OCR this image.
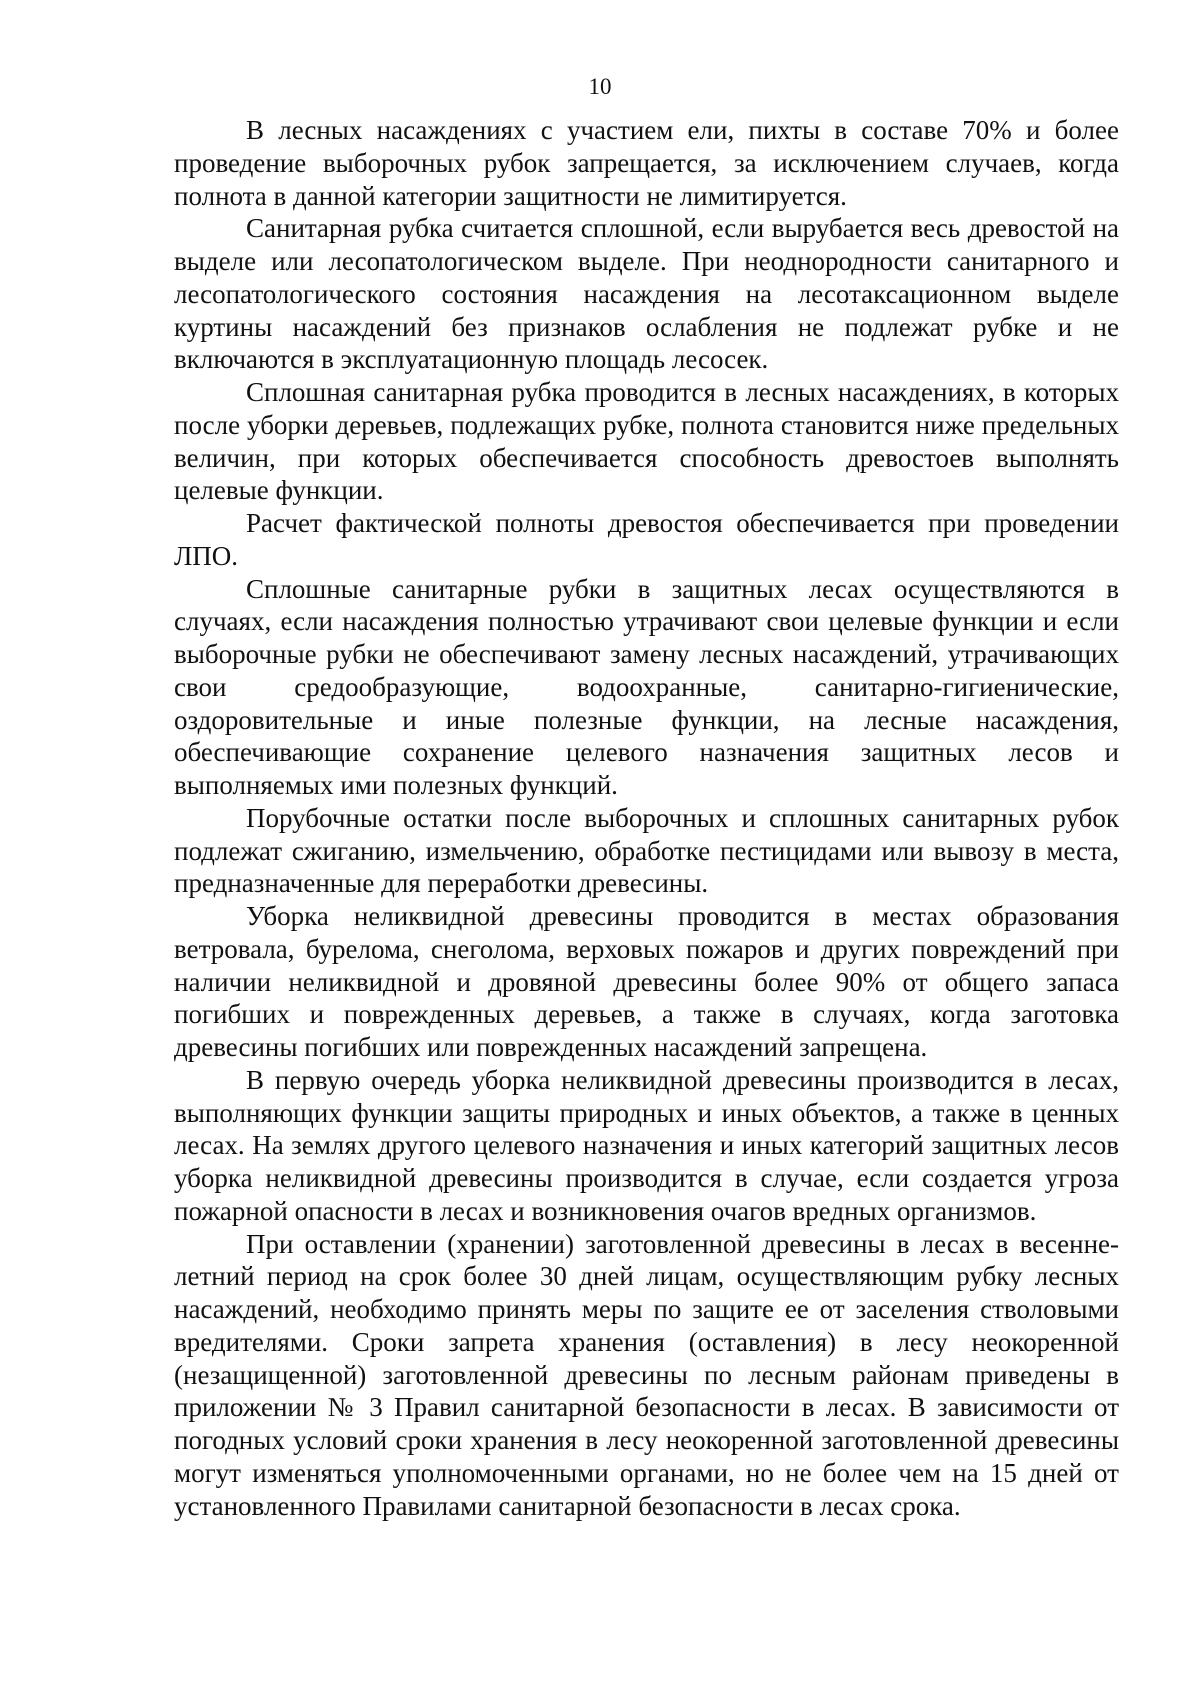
10

В лесных насаждениях с участием ели, пихты в составе 70% и более проведение выборочных рубок запрещается, за исключением случаев, когда полнота в данной категории защитности не лимитируется.

Санитарная рубка считается сплошной, если вырубается весь древостой на выделе или лесопатологическом выделе. При неоднородности санитарного и лесопатологического состояния насаждения на лесотаксационном выделе куртины насаждений без признаков ослабления не подлежат рубке и не включаются в эксплуатационную площадь лесосек.

Сплошная санитарная рубка проводится в лесных насаждениях, в которых после уборки деревьев, подлежащих рубке, полнота становится ниже предельных величин, при которых обеспечивается способность древостоев выполнять целевые функции.

Расчет фактической полноты древостоя обеспечивается при проведении ЛПО.

Сплошные санитарные рубки в защитных лесах осуществляются в случаях, если насаждения полностью утрачивают свои целевые функции и если выборочные рубки не обеспечивают замену лесных насаждений, утрачивающих свои средообразующие, водоохранные, санитарно-гигиенические, оздоровительные и иные полезные функции, на лесные насаждения, обеспечивающие сохранение целевого назначения защитных лесов и выполняемых ими полезных функций.

Порубочные остатки после выборочных и сплошных санитарных рубок подлежат сжиганию, измельчению, обработке пестицидами или вывозу в места, предназначенные для переработки древесины.

Уборка неликвидной древесины проводится в местах образования ветровала, бурелома, снеголома, верховых пожаров и других повреждений при наличии неликвидной и дровяной древесины более 90% от общего запаса погибших и поврежденных деревьев, а также в случаях, когда заготовка древесины погибших или поврежденных насаждений запрещена.

В первую очередь уборка неликвидной древесины производится в лесах, выполняющих функции защиты природных и иных объектов, а также в ценных лесах. На землях другого целевого назначения и иных категорий защитных лесов уборка неликвидной древесины производится в случае, если создается угроза пожарной опасности в лесах и возникновения очагов вредных организмов.

При оставлении (хранении) заготовленной древесины в лесах в весенне-летний период на срок более 30 дней лицам, осуществляющим рубку лесных насаждений, необходимо принять меры по защите ее от заселения стволовыми вредителями. Сроки запрета хранения (оставления) в лесу неокоренной (незащищенной) заготовленной древесины по лесным районам приведены в приложении № 3 Правил санитарной безопасности в лесах. В зависимости от погодных условий сроки хранения в лесу неокоренной заготовленной древесины могут изменяться уполномоченными органами, но не более чем на 15 дней от установленного Правилами санитарной безопасности в лесах срока.
